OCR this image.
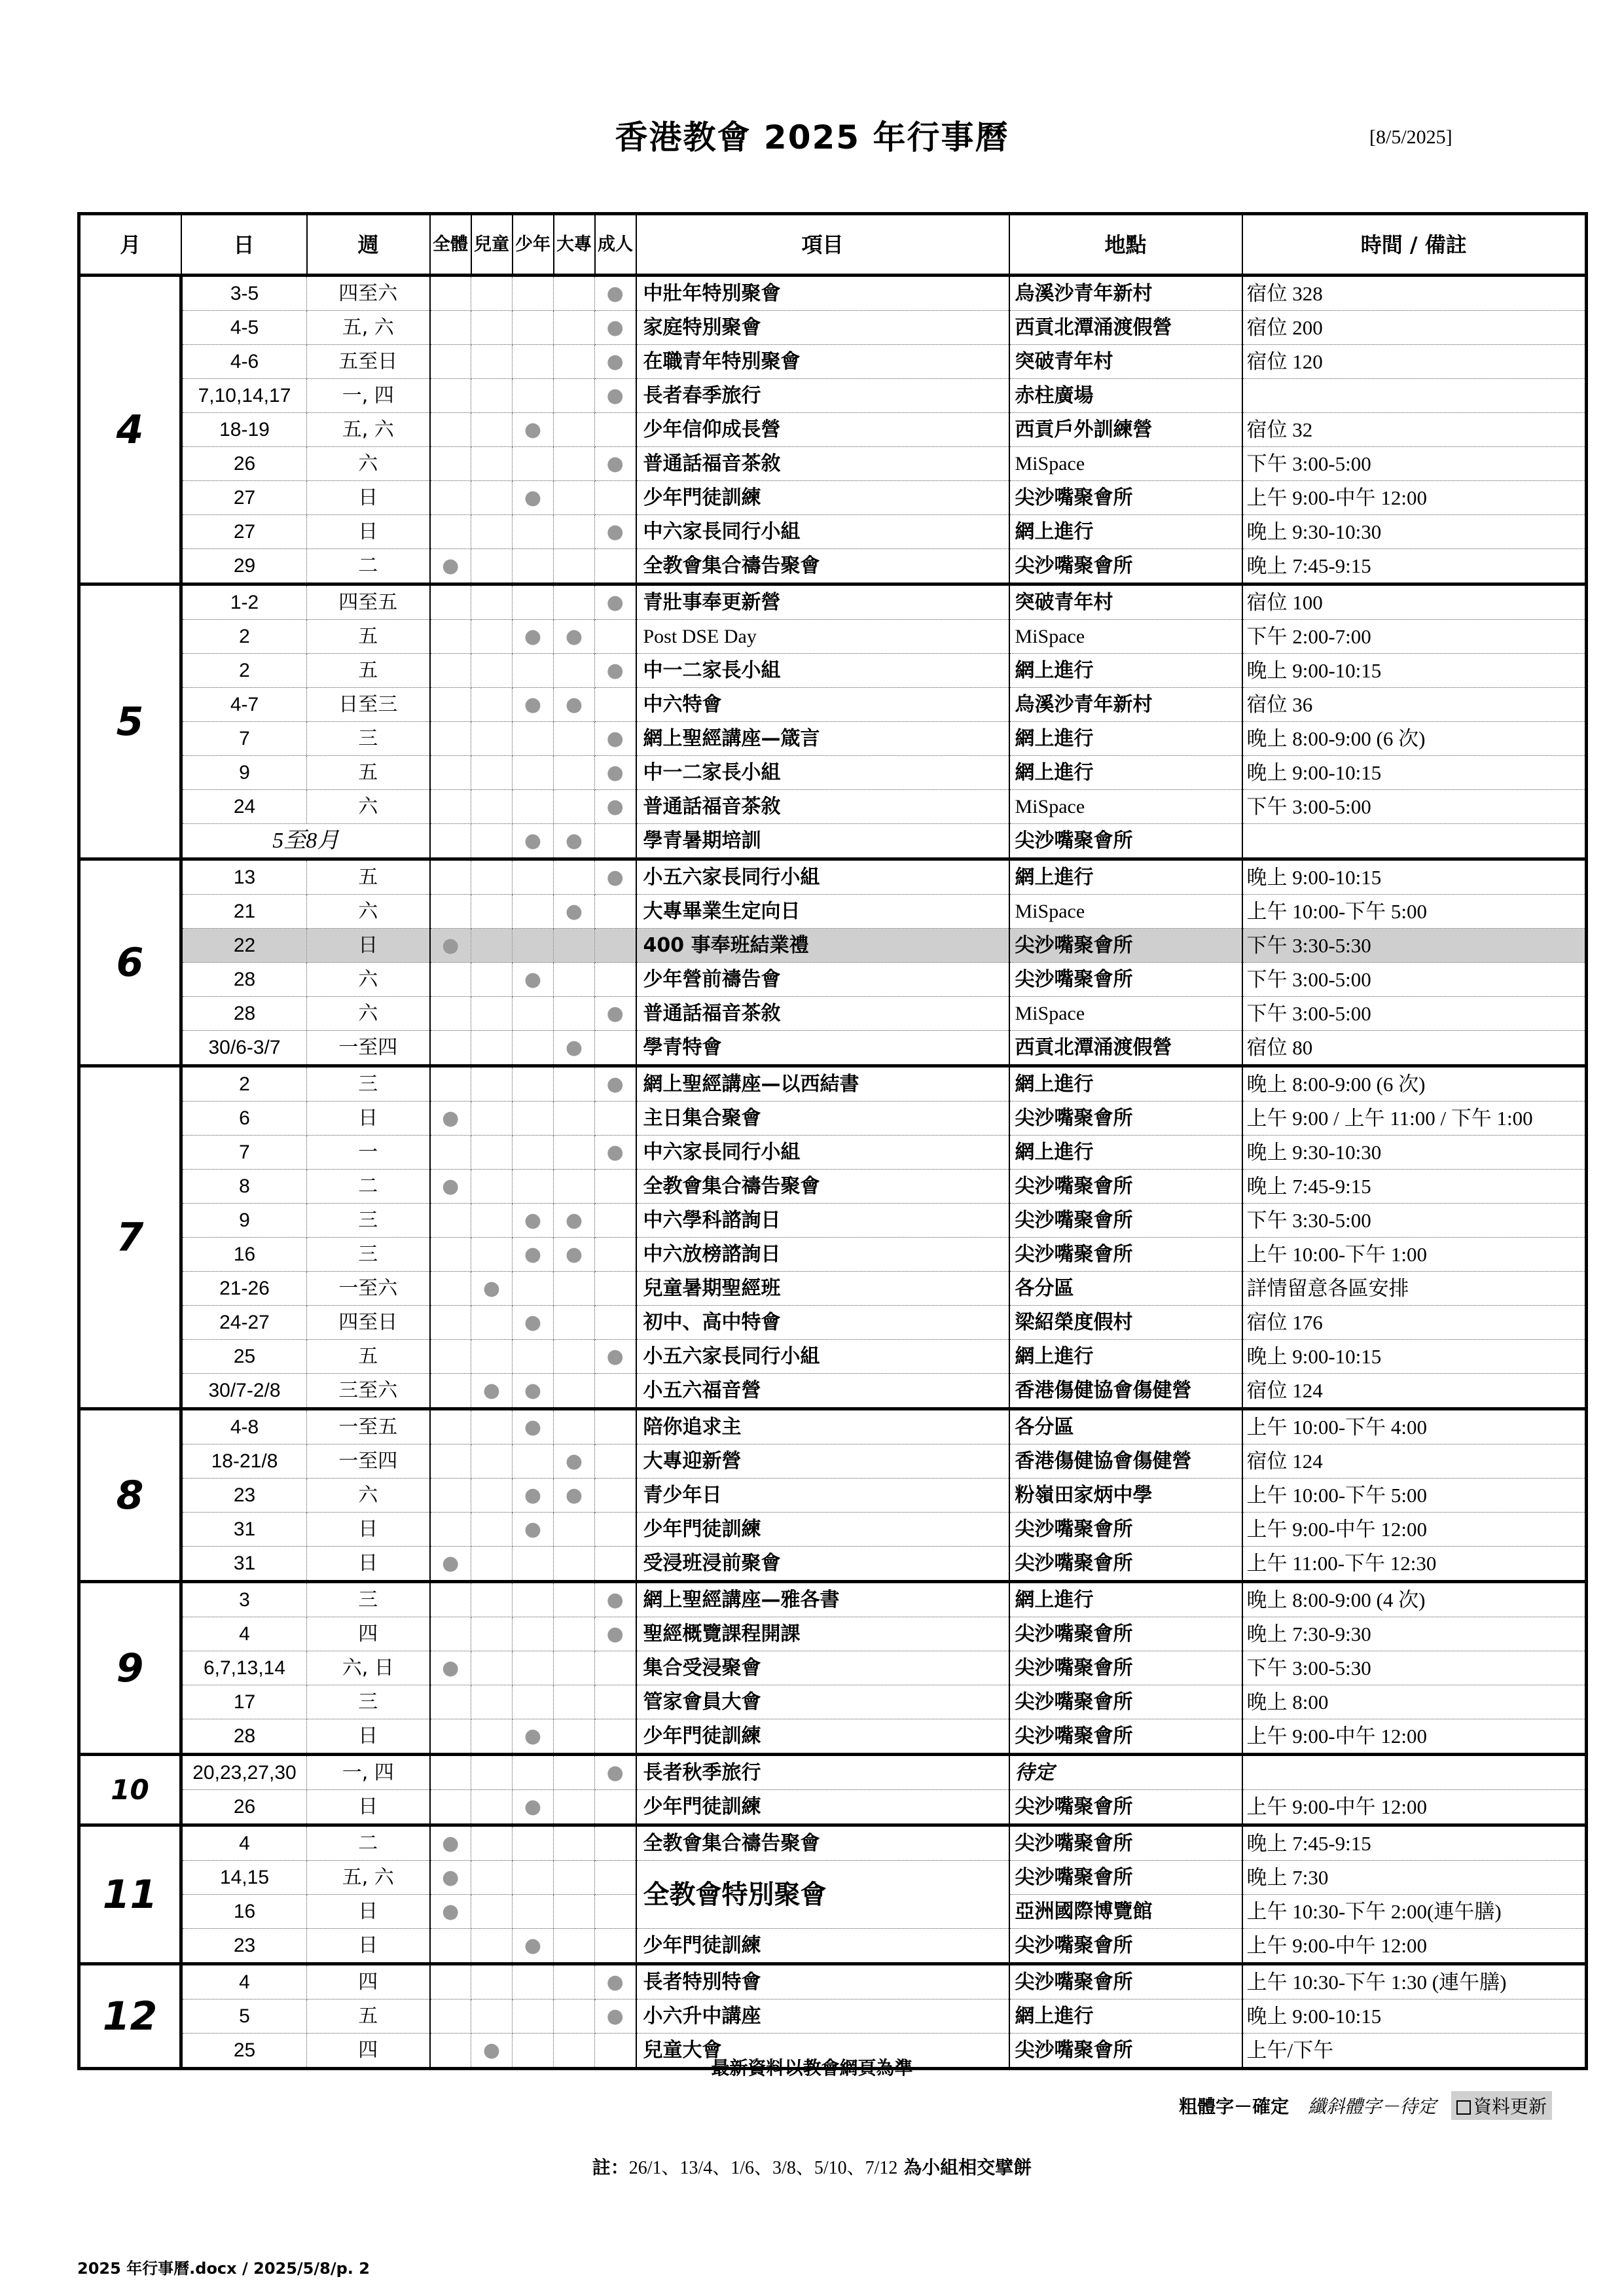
香港教會 2025 年行事曆	[8/5/2025]
月	日	週	全體	兒童	少年	大專	成人	項目	地點	時間 / 備註
4	3-5	四至六					●	中壯年特別聚會	烏溪沙青年新村	宿位 328
	4-5	五, 六					●	家庭特別聚會	西貢北潭涌渡假營	宿位 200
	4-6	五至日					●	在職青年特別聚會	突破青年村	宿位 120
	7,10,14,17	一, 四					●	長者春季旅行	赤柱廣場	
	18-19	五, 六			●			少年信仰成長營	西貢戶外訓練營	宿位 32
	26	六					●	普通話福音茶敘	MiSpace	下午 3:00-5:00
	27	日			●			少年門徒訓練	尖沙嘴聚會所	上午 9:00-中午 12:00
	27	日					●	中六家長同行小組	網上進行	晚上 9:30-10:30
	29	二	●					全教會集合禱告聚會	尖沙嘴聚會所	晚上 7:45-9:15
5	1-2	四至五					●	青壯事奉更新營	突破青年村	宿位 100
	2	五			●	●		Post DSE Day	MiSpace	下午 2:00-7:00
	2	五					●	中一二家長小組	網上進行	晚上 9:00-10:15
	4-7	日至三			●	●		中六特會	烏溪沙青年新村	宿位 36
	7	三					●	網上聖經講座—箴言	網上進行	晚上 8:00-9:00 (6 次)
	9	五					●	中一二家長小組	網上進行	晚上 9:00-10:15
	24	六					●	普通話福音茶敘	MiSpace	下午 3:00-5:00
	5至8月				●	●		學青暑期培訓	尖沙嘴聚會所	
6	13	五					●	小五六家長同行小組	網上進行	晚上 9:00-10:15
	21	六				●		大專畢業生定向日	MiSpace	上午 10:00-下午 5:00
	22	日	●					400 事奉班結業禮	尖沙嘴聚會所	下午 3:30-5:30
	28	六			●			少年營前禱告會	尖沙嘴聚會所	下午 3:00-5:00
	28	六					●	普通話福音茶敘	MiSpace	下午 3:00-5:00
	30/6-3/7	一至四				●		學青特會	西貢北潭涌渡假營	宿位 80
7	2	三					●	網上聖經講座—以西結書	網上進行	晚上 8:00-9:00 (6 次)
	6	日	●					主日集合聚會	尖沙嘴聚會所	上午 9:00 / 上午 11:00 / 下午 1:00
	7	一					●	中六家長同行小組	網上進行	晚上 9:30-10:30
	8	二	●					全教會集合禱告聚會	尖沙嘴聚會所	晚上 7:45-9:15
	9	三			●	●		中六學科諮詢日	尖沙嘴聚會所	下午 3:30-5:00
	16	三			●	●		中六放榜諮詢日	尖沙嘴聚會所	上午 10:00-下午 1:00
	21-26	一至六		●				兒童暑期聖經班	各分區	詳情留意各區安排
	24-27	四至日			●			初中、高中特會	梁紹榮度假村	宿位 176
	25	五					●	小五六家長同行小組	網上進行	晚上 9:00-10:15
	30/7-2/8	三至六		●	●			小五六福音營	香港傷健協會傷健營	宿位 124
8	4-8	一至五			●			陪你追求主	各分區	上午 10:00-下午 4:00
	18-21/8	一至四				●		大專迎新營	香港傷健協會傷健營	宿位 124
	23	六			●	●		青少年日	粉嶺田家炳中學	上午 10:00-下午 5:00
	31	日			●			少年門徒訓練	尖沙嘴聚會所	上午 9:00-中午 12:00
	31	日	●					受浸班浸前聚會	尖沙嘴聚會所	上午 11:00-下午 12:30
9	3	三					●	網上聖經講座—雅各書	網上進行	晚上 8:00-9:00 (4 次)
	4	四					●	聖經概覽課程開課	尖沙嘴聚會所	晚上 7:30-9:30
	6,7,13,14	六, 日	●					集合受浸聚會	尖沙嘴聚會所	下午 3:00-5:30
	17	三						管家會員大會	尖沙嘴聚會所	晚上 8:00
	28	日			●			少年門徒訓練	尖沙嘴聚會所	上午 9:00-中午 12:00
10	20,23,27,30	一, 四					●	長者秋季旅行	待定	
	26	日			●			少年門徒訓練	尖沙嘴聚會所	上午 9:00-中午 12:00
11	4	二	●					全教會集合禱告聚會	尖沙嘴聚會所	晚上 7:45-9:15
	14,15	五, 六	●					全教會特別聚會	尖沙嘴聚會所	晚上 7:30
	16	日	●						亞洲國際博覽館	上午 10:30-下午 2:00(連午膳)
	23	日			●			少年門徒訓練	尖沙嘴聚會所	上午 9:00-中午 12:00
12	4	四					●	長者特別特會	尖沙嘴聚會所	上午 10:30-下午 1:30 (連午膳)
	5	五					●	小六升中講座	網上進行	晚上 9:00-10:15
	25	四		●				兒童大會	尖沙嘴聚會所	上午/下午
最新資料以教會網頁為準
粗體字－確定 纖斜體字－待定 資料更新
註：26/1、13/4、1/6、3/8、5/10、7/12 為小組相交擘餅
2025 年行事曆.docx / 2025/5/8/p. 2
